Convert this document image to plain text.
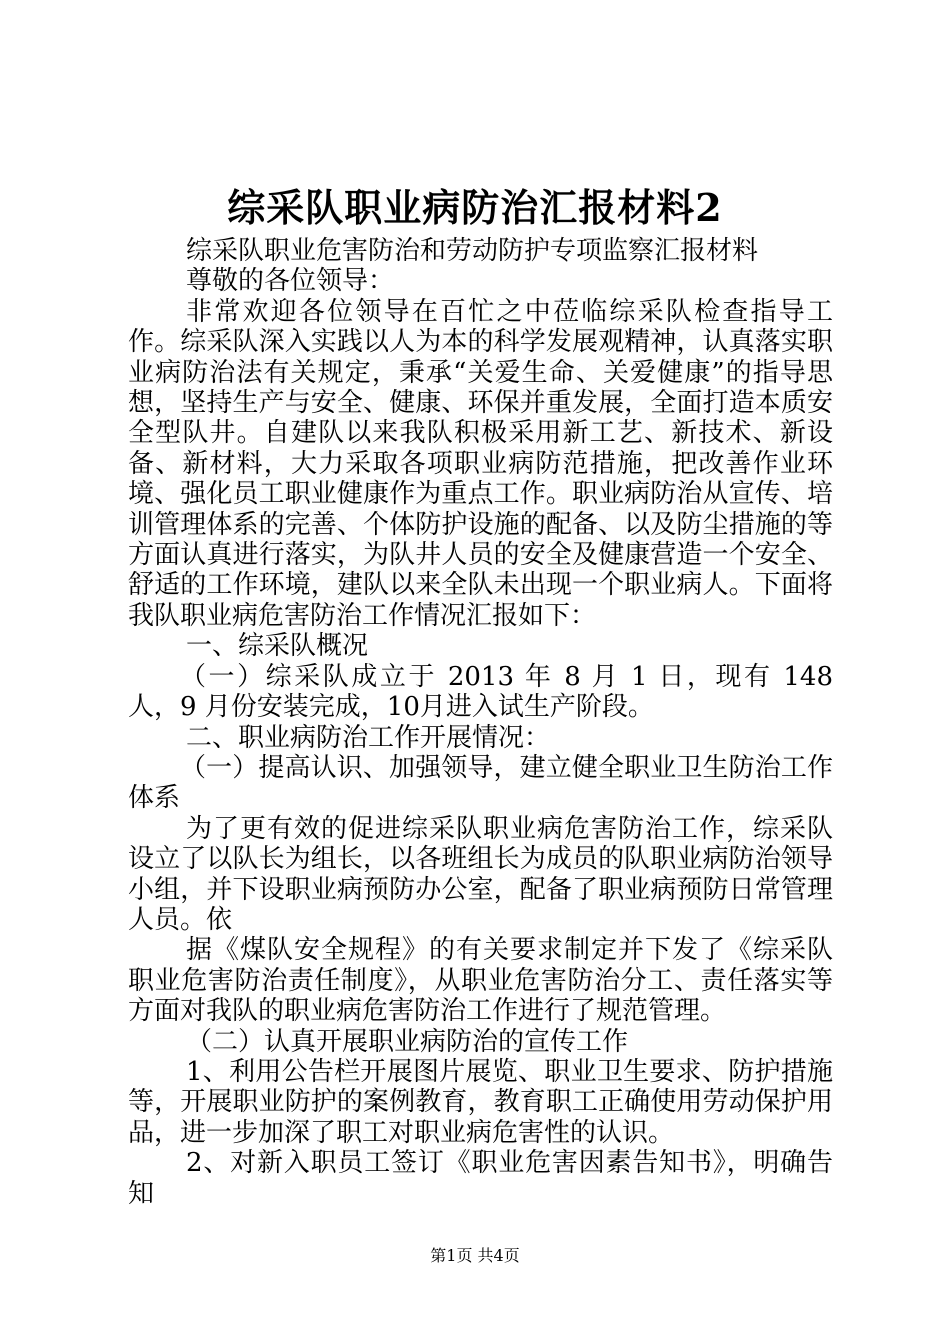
综采队职业病防治汇报材料2

综采队职业危害防治和劳动防护专项监察汇报材料

尊敬的各位领导：

非常欢迎各位领导在百忙之中莅临综采队检查指导工作。综采队深入实践以人为本的科学发展观精神，认真落实职业病防治法有关规定，秉承“关爱生命、关爱健康”的指导思想，坚持生产与安全、健康、环保并重发展，全面打造本质安全型队井。自建队以来我队积极采用新工艺、新技术、新设备、新材料，大力采取各项职业病防范措施，把改善作业环境、强化员工职业健康作为重点工作。职业病防治从宣传、培训管理体系的完善、个体防护设施的配备、以及防尘措施的等方面认真进行落实，为队井人员的安全及健康营造一个安全、舒适的工作环境，建队以来全队未出现一个职业病人。下面将我队职业病危害防治工作情况汇报如下：

一、综采队概况

（一）综采队成立于 2013 年 8 月 1 日，现有 148 人，9 月份安装完成，10月进入试生产阶段。

二、职业病防治工作开展情况：

（一）提高认识、加强领导，建立健全职业卫生防治工作体系

为了更有效的促进综采队职业病危害防治工作，综采队设立了以队长为组长，以各班组长为成员的队职业病防治领导小组，并下设职业病预防办公室，配备了职业病预防日常管理人员。依

据《煤队安全规程》的有关要求制定并下发了《综采队职业危害防治责任制度》，从职业危害防治分工、责任落实等方面对我队的职业病危害防治工作进行了规范管理。

（二）认真开展职业病防治的宣传工作

1、利用公告栏开展图片展览、职业卫生要求、防护措施等，开展职业防护的案例教育，教育职工正确使用劳动保护用品，进一步加深了职工对职业病危害性的认识。

2、对新入职员工签订《职业危害因素告知书》，明确告知

第1页 共4页
